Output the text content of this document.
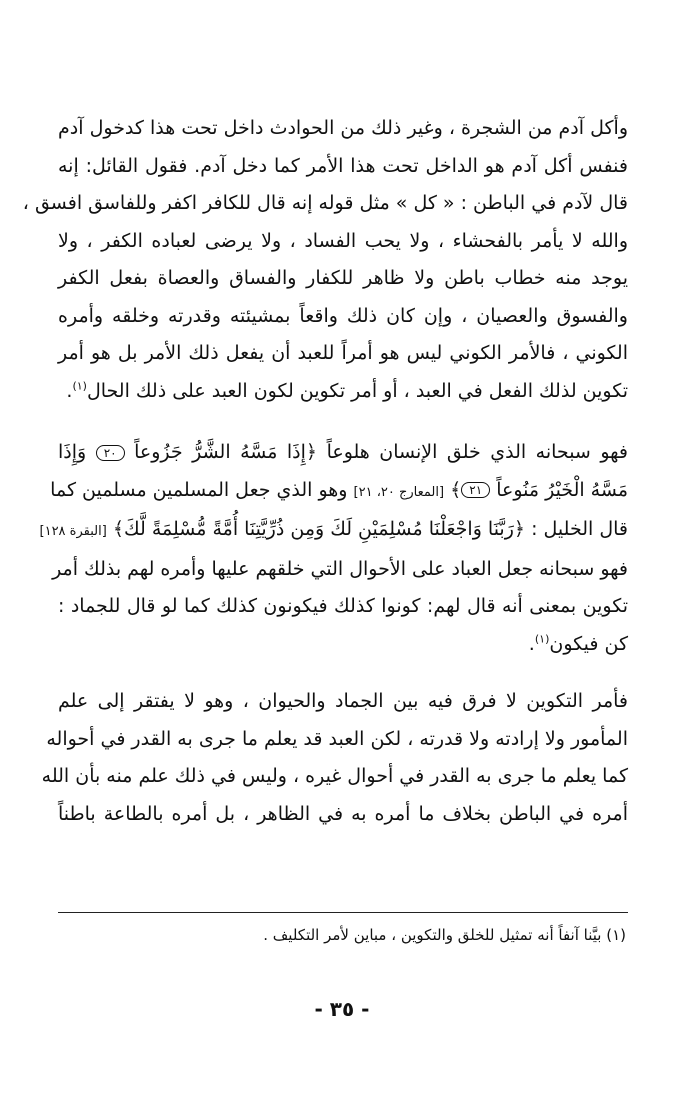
وأكل آدم من الشجرة ، وغير ذلك من الحوادث داخل تحت هذا كدخول آدم

فنفس أكل آدم هو الداخل تحت هذا الأمر كما دخل آدم. فقول القائل: إنه

قال لآدم في الباطن : « كل » مثل قوله إنه قال للكافر اكفر وللفاسق افسق ،

والله لا يأمر بالفحشاء ، ولا يحب الفساد ، ولا يرضى لعباده الكفر ، ولا

يوجد منه خطاب باطن ولا ظاهر للكفار والفساق والعصاة بفعل الكفر

والفسوق والعصيان ، وإن كان ذلك واقعاً بمشيئته وقدرته وخلقه وأمره

الكوني ، فالأمر الكوني ليس هو أمراً للعبد أن يفعل ذلك الأمر بل هو أمر

تكوين لذلك الفعل في العبد ، أو أمر تكوين لكون العبد على ذلك الحال$^{(١)}$.

فهو سبحانه الذي خلق الإنسان هلوعاً ﴿إِذَا مَسَّهُ الشَّرُّ جَزُوعاً ٢٠ وَإِذَا

مَسَّهُ الْخَيْرُ مَنُوعاً ٢١﴾ [المعارج ٢٠، ٢١] وهو الذي جعل المسلمين مسلمين كما

قال الخليل : ﴿رَبَّنَا وَاجْعَلْنَا مُسْلِمَيْنِ لَكَ وَمِن ذُرِّيَّتِنَا أُمَّةً مُّسْلِمَةً لَّكَ﴾ [البقرة ١٢٨]

فهو سبحانه جعل العباد على الأحوال التي خلقهم عليها وأمره لهم بذلك أمر

تكوين بمعنى أنه قال لهم: كونوا كذلك فيكونون كذلك كما لو قال للجماد :

كن فيكون$^{(١)}$.

فأمر التكوين لا فرق فيه بين الجماد والحيوان ، وهو لا يفتقر إلى علم

المأمور ولا إرادته ولا قدرته ، لكن العبد قد يعلم ما جرى به القدر في أحواله

كما يعلم ما جرى به القدر في أحوال غيره ، وليس في ذلك علم منه بأن الله

أمره في الباطن بخلاف ما أمره به في الظاهر ، بل أمره بالطاعة باطناً

(١) بيَّنا آنفاً أنه تمثيل للخلق والتكوين ، مباين لأمر التكليف .

- ٣٥ -
